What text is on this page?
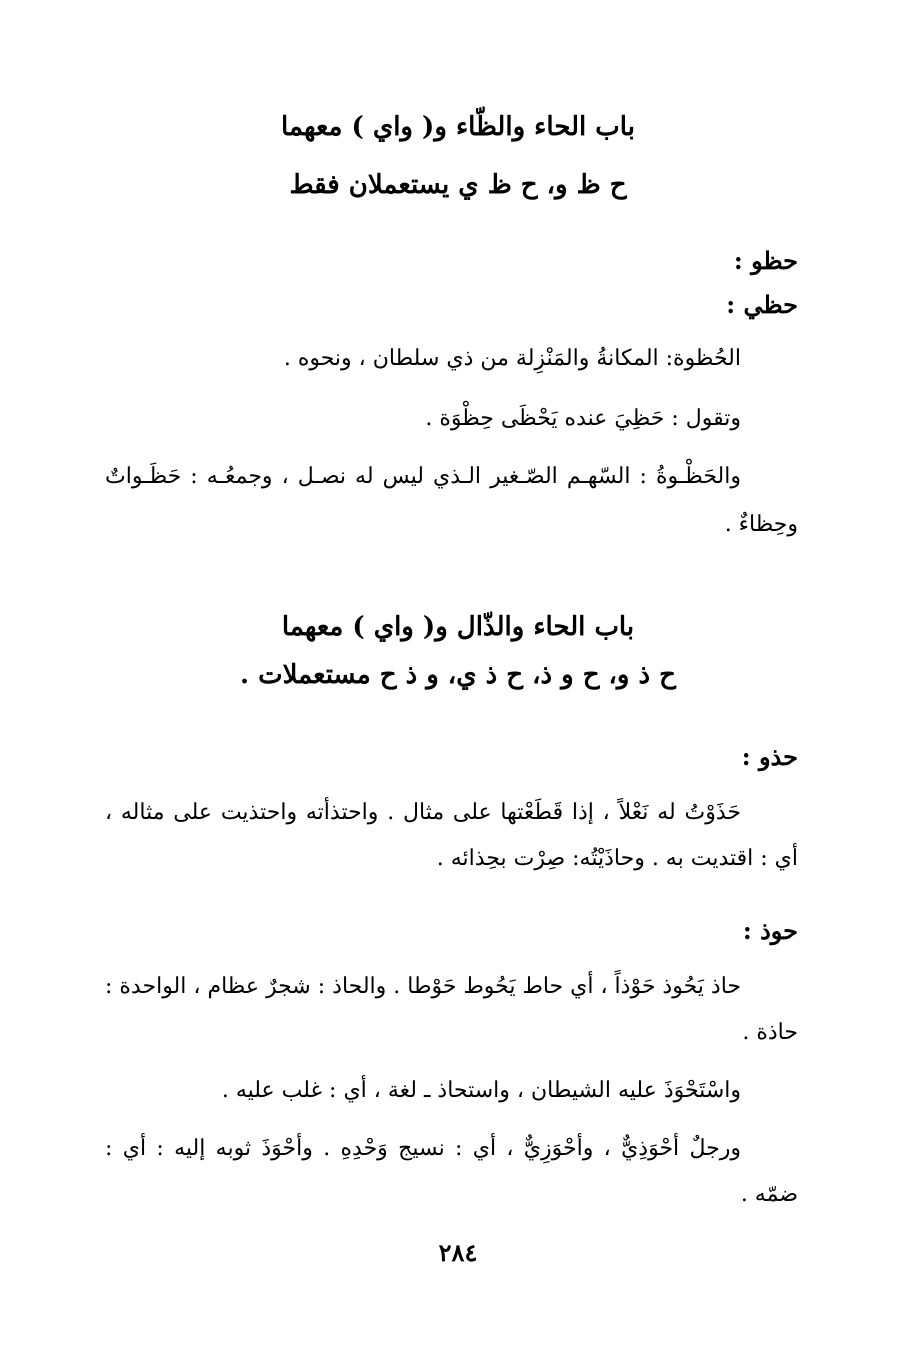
باب الحاء والظّاء و( واي ) معهما
ح ظ و، ح ظ ي يستعملان فقط
حظو :
حظي :
الحُظوة: المكانةُ والمَنْزِلة من ذي سلطان ، ونحوه .
وتقول : حَظِيَ عنده يَحْظَى حِظْوَة .
والحَظْـوةُ : السّهـم الصّـغير الـذي ليس له نصـل ، وجمعُـه : حَظَـواتٌ
وحِظاءٌ .
باب الحاء والذّال و( واي ) معهما
ح ذ و، ح و ذ، ح ذ ي، و ذ ح مستعملات .
حذو :
حَذَوْتُ له نَعْلاً ، إذا قَطَعْتها على مثال . واحتذأته واحتذيت على مثاله ،
أي : اقتديت به . وحاذَيْتُه: صِرْت بحِذائه .
حوذ :
حاذ يَحُوذ حَوْذاً ، أي حاط يَحُوط حَوْطا . والحاذ : شجرٌ عظام ، الواحدة :
حاذة .
واسْتَحْوَذَ عليه الشيطان ، واستحاذ ـ لغة ، أي : غلب عليه .
ورجلٌ أحْوَذِيٌّ ، وأحْوَزِيٌّ ، أي : نسيج وَحْدِهِ . وأحْوَذَ ثوبه إليه : أي :
ضمّه .
٢٨٤
